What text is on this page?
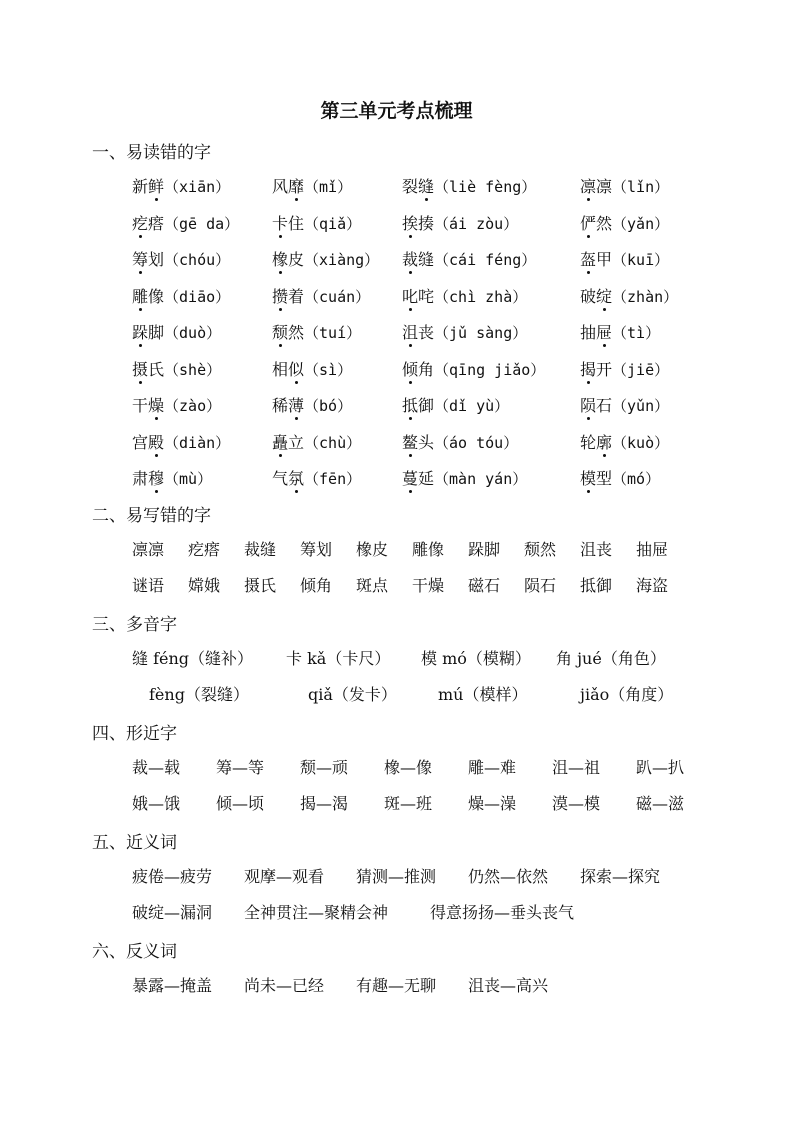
第三单元考点梳理
一、易读错的字
新鲜（xiān）	风靡（mǐ）	裂缝（liè fèng）	凛凛（lǐn）
疙瘩（gē da） 卡住（qiǎ）	挨揍（ái zòu）	俨然（yǎn）
筹划（chóu）	橡皮（xiàng） 裁缝（cái féng）	盔甲（kuī）
雕像（diāo）	攒着（cuán） 叱咤（chì zhà）	破绽（zhàn）
跺脚（duò）	颓然（tuí）	沮丧（jǔ sàng）	抽屉（tì）
摄氏（shè）	相似（sì）	倾角（qīng jiǎo） 揭开（jiē）
干燥（zào）	稀薄（bó）	抵御（dǐ yù）	陨石（yǔn）
宫殿（diàn）	矗立（chù）	鳌头（áo tóu）	轮廓（kuò）
肃穆（mù）	气氛（fēn）	蔓延（màn yán）	模型（mó）
二、易写错的字
凛凛 疙瘩 裁缝 筹划 橡皮 雕像 跺脚 颓然 沮丧 抽屉
谜语 嫦娥 摄氏 倾角 斑点 干燥 磁石 陨石 抵御 海盗
三、多音字
缝 féng（缝补） 卡 kǎ（卡尺） 模 mó（模糊） 角 jué（角色）
fèng（裂缝）	qiǎ（发卡）	mú（模样）	jiǎo（角度）
四、形近字
裁—载 筹—等 颓—顽 橡—像 雕—难 沮—祖 趴—扒
娥—饿 倾—顷 揭—渴 斑—班 燥—澡 漠—模 磁—滋
五、近义词
疲倦—疲劳 观摩—观看 猜测—推测 仍然—依然 探索—探究
破绽—漏洞 全神贯注—聚精会神	得意扬扬—垂头丧气
六、反义词
暴露—掩盖 尚未—已经 有趣—无聊 沮丧—高兴
